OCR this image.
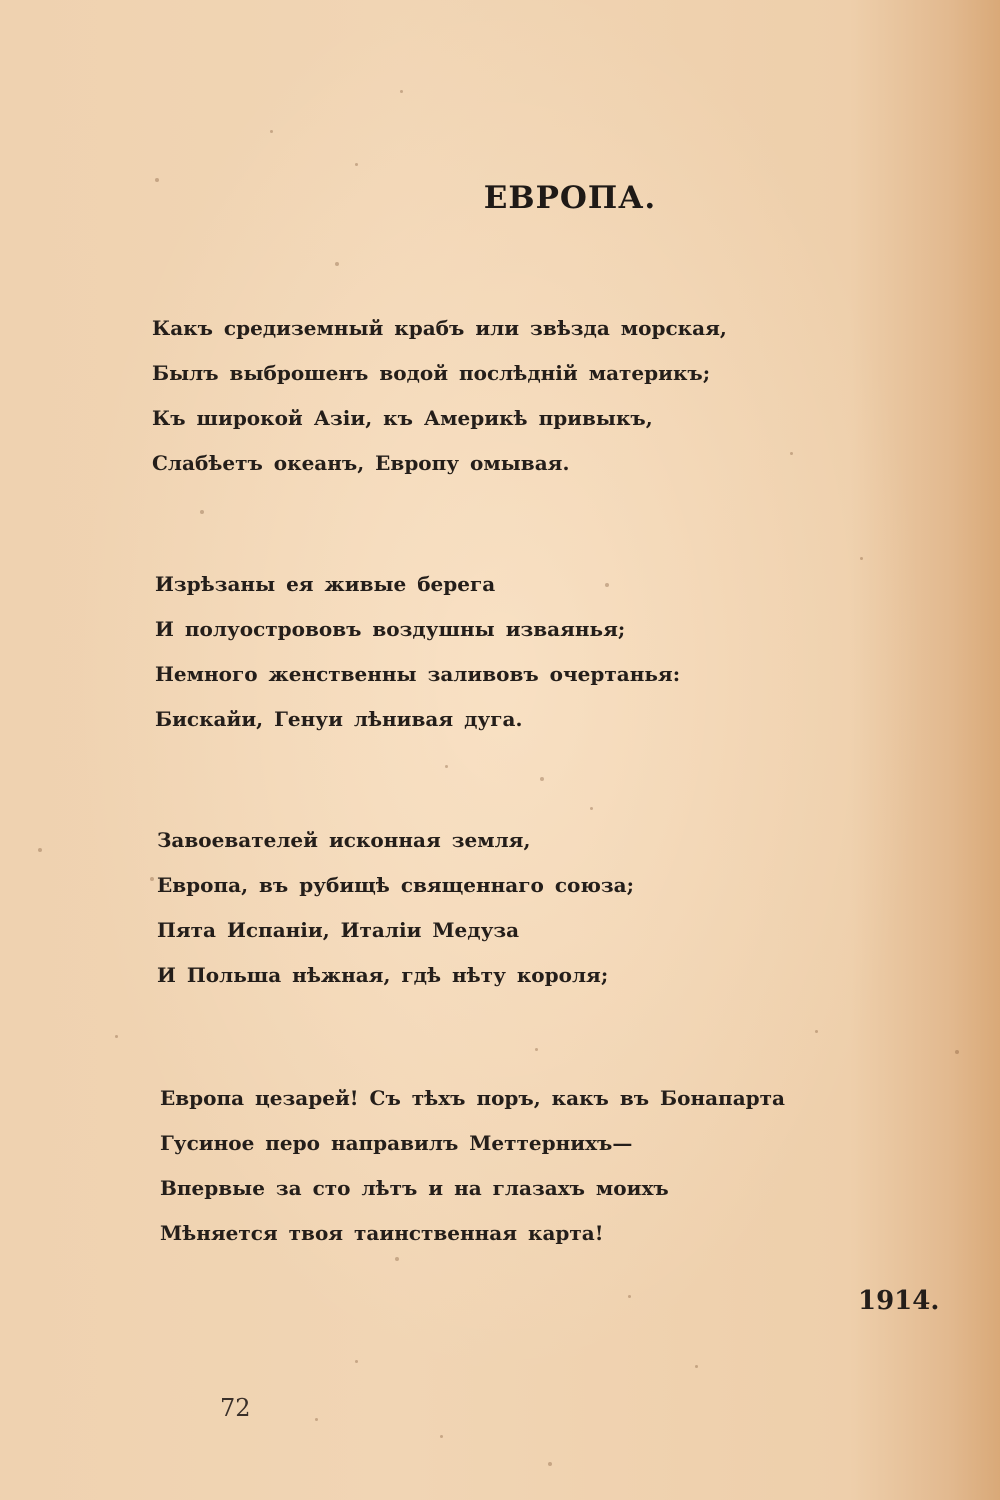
ЕВРОПА.
Какъ средиземный крабъ или звѣзда морская,
Былъ выброшенъ водой послѣднiй материкъ;
Къ широкой Азiи, къ Америкѣ привыкъ,
Слабѣетъ океанъ, Европу омывая.
Изрѣзаны ея живые берега
И полуострововъ воздушны изваянья;
Немного женственны заливовъ очертанья:
Бискайи, Генуи лѣнивая дуга.
Завоевателей исконная земля,
Европа, въ рубищѣ священнаго союза;
Пята Испанiи, Италiи Медуза
И Польша нѣжная, гдѣ нѣту короля;
Европа цезарей! Съ тѣхъ поръ, какъ въ Бонапарта
Гусиное перо направилъ Меттернихъ—
Впервые за сто лѣтъ и на глазахъ моихъ
Мѣняется твоя таинственная карта!
1914.
72
